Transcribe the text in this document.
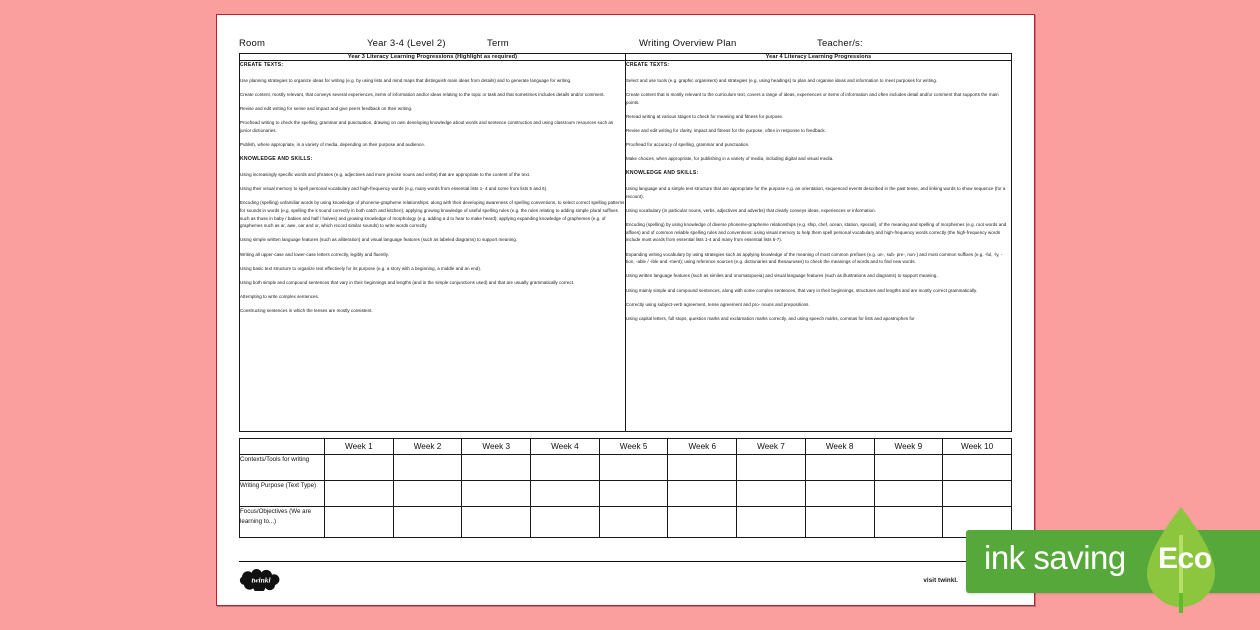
Room	Year 3-4 (Level 2)	Term	Writing Overview Plan	Teacher/s:
Year 3 Literacy Learning Progressions (Highlight as required)	Year 4 Literacy Learning Progressions

CREATE TEXTS:

Use planning strategies to organize ideas for writing (e.g. by using lists and mind maps that distinguish main ideas from details) and to generate language for writing.

Create content, mostly relevant, that conveys several experiences, items of information and/or ideas relating to the topic or task and that sometimes includes details and/or comment.

Revise and edit writing for sense and impact and give peers feedback on their writing.

Proofread writing to check the spelling, grammar and punctuation, drawing on own developing knowledge about words and sentence construction and using classroom resources such as junior dictionaries.

Publish, where appropriate, in a variety of media, depending on their purpose and audience.

KNOWLEDGE AND SKILLS:

Using increasingly specific words and phrases (e.g. adjectives and more precise nouns and verbs) that are appropriate to the content of the text.

Using their visual memory to spell personal vocabulary and high-frequency words (e.g. many words from essential lists 1- 4 and some from lists 5 and 6).

Encoding (spelling) unfamiliar words by using knowledge of phoneme-grapheme relationships, along with their developing awareness of spelling conventions, to select correct spelling patterns for sounds in words (e.g. spelling the k sound correctly in both catch and kitchen); applying growing knowledge of useful spelling rules (e.g. the rules relating to adding simple plural suffixes such as those in baby / babies and half / halves) and growing knowledge of morphology (e.g. adding a d to hear to make heard); applying expanding knowledge of graphemes (e.g. of graphemes such as ar, awe, oar and or, which record similar sounds) to write words correctly.

Using simple written language features (such as alliteration) and visual language features (such as labeled diagrams) to support meaning.

Writing all upper-case and lower-case letters correctly, legibly and fluently.

Using basic text structure to organize text effectively for its purpose (e.g. a story with a beginning, a middle and an end).

Using both simple and compound sentences that vary in their beginnings and lengths (and in the simple conjunctions used) and that are usually grammatically correct.

Attempting to write complex sentences.

Constructing sentences in which the tenses are mostly consistent.

CREATE TEXTS:

Select and use tools (e.g. graphic organisers) and strategies (e.g. using headings) to plan and organise ideas and information to meet purposes for writing.

Create content that is mostly relevant to the curriculum text, covers a range of ideas, experiences or items of information and often includes detail and/or comment that supports the main points.

Reread writing at various stages to check for meaning and fitness for purpose.

Revise and edit writing for clarity, impact and fitness for the purpose, often in response to feedback.

Proofread for accuracy of spelling, grammar and punctuation.

Make choices, when appropriate, for publishing in a variety of media, including digital and visual media.

KNOWLEDGE AND SKILLS:

Using language and a simple text structure that are appropriate for the purpose e.g. an orientation, sequenced events described in the past tense, and linking words to show sequence (for a recount).

Using vocabulary (in particular nouns, verbs, adjectives and adverbs) that clearly conveys ideas, experiences or information.

Encoding (spelling) by using knowledge of diverse phoneme-grapheme relationships (e.g. ship, chef, ocean, station, special), of the meaning and spelling of morphemes (e.g. root words and affixes) and of common reliable spelling rules and conventions; using visual memory to help them spell personal vocabulary and high-frequency words correctly (the high-frequency words include most words from essential lists 1-4 and many from essential lists 5-7).

Expanding writing vocabulary by using strategies such as applying knowledge of the meaning of most common prefixes (e.g. un-, sub- pre-, non-) and most common suffixes (e.g. -ful, -ly, -tion, -able / -ible and -ment); using reference sources (e.g. dictionaries and thesauruses) to check the meanings of words and to find new words.

Using written language features (such as similes and onomatopoeia) and visual language features (such as illustrations and diagrams) to support meaning.

Using mainly simple and compound sentences, along with some complex sentences, that vary in their beginnings, structures and lengths and are mostly correct grammatically.

Correctly using subject-verb agreement, tense agreement and pro- nouns and prepositions.

Using capital letters, full stops, question marks and exclamation marks correctly, and using speech marks, commas for lists and apostrophes for

	Week 1	Week 2	Week 3	Week 4	Week 5	Week 6	Week 7	Week 8	Week 9	Week 10
Contexts/Tools for writing										
Writing Purpose (Text Type)										
Focus/Objectives (We are learning to...)										
twinkl	visit twinkl.
ink saving Eco
